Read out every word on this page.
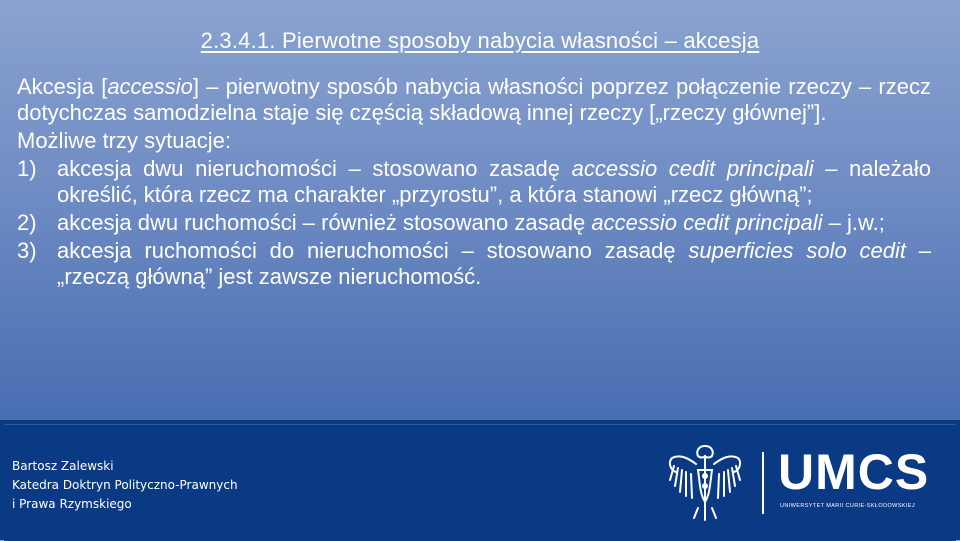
2.3.4.1. Pierwotne sposoby nabycia własności – akcesja

Akcesja [accessio] – pierwotny sposób nabycia własności poprzez połączenie rzeczy – rzecz dotychczas samodzielna staje się częścią składową innej rzeczy [„rzeczy głównej”].

Możliwe trzy sytuacje:

1) akcesja dwu nieruchomości – stosowano zasadę accessio cedit principali – należało określić, która rzecz ma charakter „przyrostu”, a która stanowi „rzecz główną”;
2) akcesja dwu ruchomości – również stosowano zasadę accessio cedit principali – j.w.;
3) akcesja ruchomości do nieruchomości – stosowano zasadę superficies solo cedit – „rzeczą główną” jest zawsze nieruchomość.
Bartosz Zalewski
Katedra Doktryn Polityczno-Prawnych
i Prawa Rzymskiego
UMCS
UNIWERSYTET MARII CURIE-SKŁODOWSKIEJ
